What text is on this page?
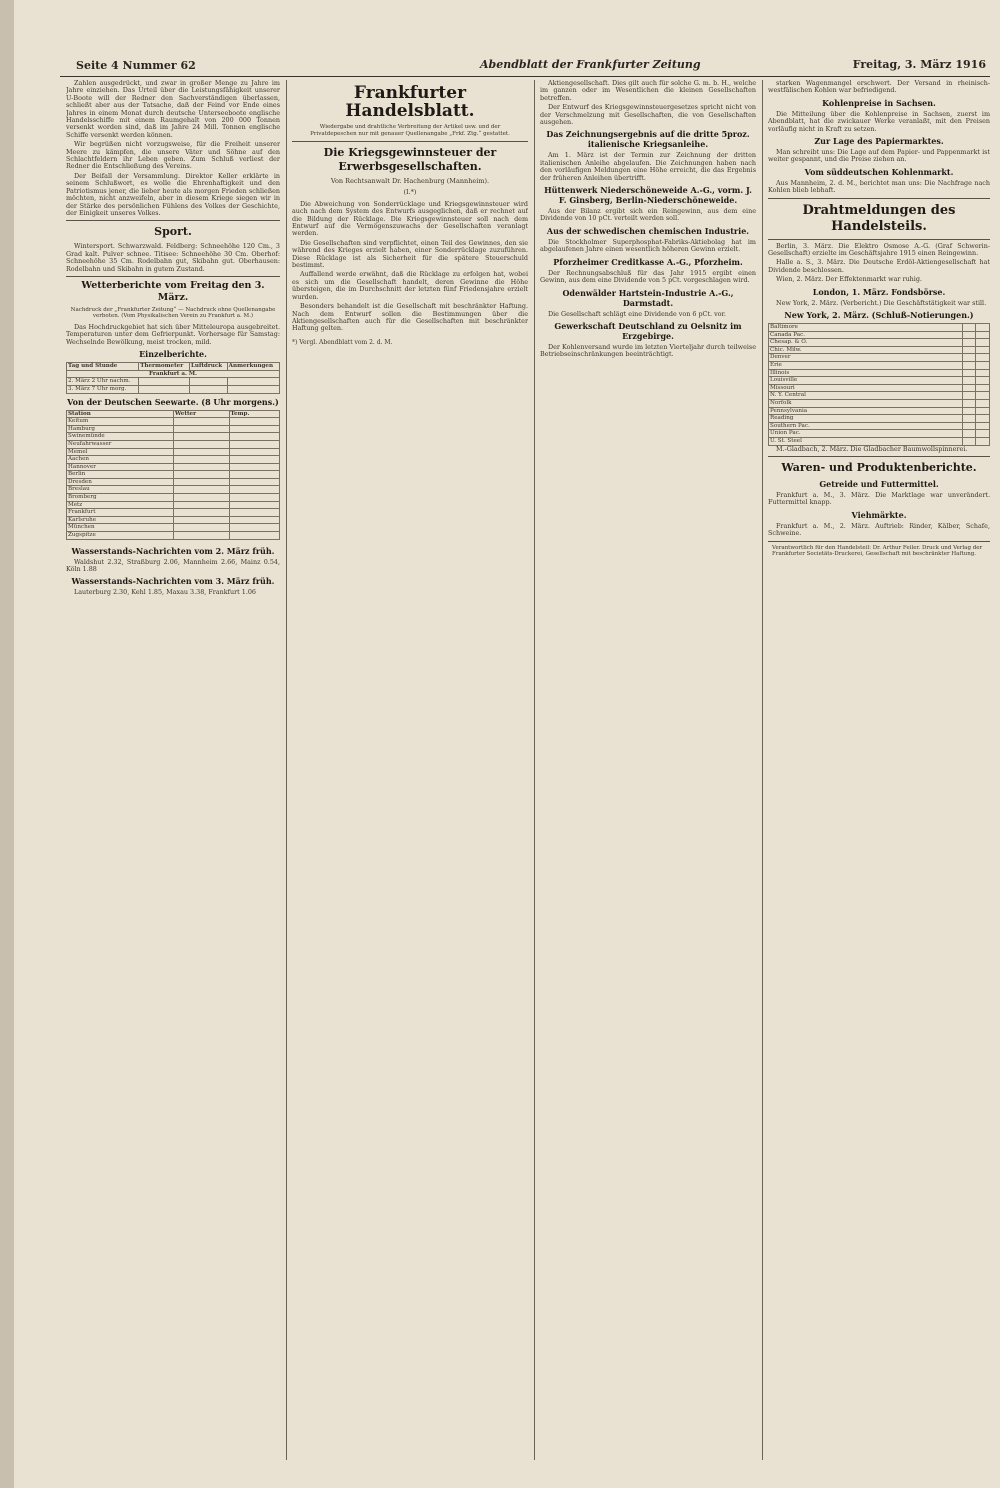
Seite 4 Nummer 62	Abendblatt der Frankfurter Zeitung	Freitag, 3. März 1916

Zahlen ausgedrückt, und zwar in großer Menge zu Jahre im Jahre einziehen. Das Urteil über die Leistungsfähigkeit unserer U-Boote will der Redner den Sachverständigen überlassen, schließt aber aus der Tatsache, daß der Feind vor Ende eines Jahres in einem Monat durch deutsche Unterseeboote englische Handelsschiffe mit einem Raumgehalt von 200 000 Tonnen versenkt worden sind, daß im Jahre 24 Mill. Tonnen englische Schiffe versenkt werden können.

Wir begrüßen nicht vorzugsweise, für die Freiheit unserer Meere zu kämpfen, die unsere Väter und Söhne auf den Schlachtfeldern ihr Leben geben. Zum Schluß verliest der Redner die Entschließung des Vereins.

Der Beifall der Versammlung. Direktor Keller erklärte in seinem Schlußwort, es wolle die Ehrenhaftigkeit und den Patriotismus jener, die lieber heute als morgen Frieden schließen möchten, nicht anzweifeln, aber in diesem Kriege siegen wir in der Stärke des persönlichen Fühlens des Volkes der Geschichte, der Einigkeit unseres Volkes.

Sport.

Wintersport. Schwarzwald. Feldberg: Schneehöhe 120 Cm., 3 Grad kalt. Pulver schnee. Titisee: Schneehöhe 30 Cm. Oberhof: Schneehöhe 35 Cm. Rodelbahn gut, Skibahn gut. Oberhausen: Rodelbahn und Skibahn in gutem Zustand.

Wetterberichte vom Freitag den 3. März.
Nachdruck der „Frankfurter Zeitung“ — Nachdruck ohne Quellenangabe verboten. (Vom Physikalischen Verein zu Frankfurt a. M.)

Das Hochdruckgebiet hat sich über Mitteleuropa ausgebreitet. Temperaturen unter dem Gefrierpunkt. Vorhersage für Samstag: Wechselnde Bewölkung, meist trocken, mild.

Einzelberichte.
Tag und Stunde	Thermometer	Luftdruck	Anmerkungen
Frankfurt a. M.			
2. März 2 Uhr nachm.			
3. März 7 Uhr morg.			
Von der Deutschen Seewarte. (8 Uhr morgens.)
Station	Wetter	Temp.
Keitum		
Hamburg		
Swinemünde		
Neufahrwasser		
Memel		
Aachen		
Hannover		
Berlin		
Dresden		
Breslau		
Bromberg		
Metz		
Frankfurt		
Karlsruhe		
München		
Zugspitze		
Wasserstands-Nachrichten vom 2. März früh.

Waldshut 2.32, Straßburg 2.06, Mannheim 2.66, Mainz 0.54, Köln 1.88

Wasserstands-Nachrichten vom 3. März früh.

Lauterburg 2.30, Kehl 1.85, Maxau 3.38, Frankfurt 1.06

Frankfurter Handelsblatt.
Wiedergabe und drahtliche Verbreitung der Artikel usw. und der Privatdepeschen nur mit genauer Quellenangabe „Frkf. Ztg.“ gestattet.
Die Kriegsgewinnsteuer der Erwerbsgesellschaften.
Von Rechtsanwalt Dr. Hachenburg (Mannheim).
(I.*)

Die Abweichung von Sonderrücklage und Kriegsgewinnsteuer wird auch nach dem System des Entwurfs ausgeglichen, daß er rechnet auf die Bildung der Rücklage. Die Kriegsgewinnsteuer soll nach dem Entwurf auf die Vermögenszuwachs der Gesellschaften veranlagt werden.

Die Gesellschaften sind verpflichtet, einen Teil des Gewinnes, den sie während des Krieges erzielt haben, einer Sonderrücklage zuzuführen. Diese Rücklage ist als Sicherheit für die spätere Steuerschuld bestimmt.

Auffallend werde erwähnt, daß die Rücklage zu erfolgen hat, wobei es sich um die Gesellschaft handelt, deren Gewinne die Höhe übersteigen, die im Durchschnitt der letzten fünf Friedensjahre erzielt wurden.

Besonders behandelt ist die Gesellschaft mit beschränkter Haftung. Nach dem Entwurf sollen die Bestimmungen über die Aktiengesellschaften auch für die Gesellschaften mit beschränkter Haftung gelten.

*) Vergl. Abendblatt vom 2. d. M.

Aktiengesellschaft. Dies gilt auch für solche G. m. b. H., welche im ganzen oder im Wesentlichen die kleinen Gesellschaften betreffen.

Der Entwurf des Kriegsgewinnsteuergesetzes spricht nicht von der Verschmelzung mit Gesellschaften, die von Gesellschaften ausgehen.

Das Zeichnungsergebnis auf die dritte 5proz. italienische Kriegsanleihe.

Am 1. März ist der Termin zur Zeichnung der dritten italienischen Anleihe abgelaufen. Die Zeichnungen haben nach den vorläufigen Meldungen eine Höhe erreicht, die das Ergebnis der früheren Anleihen übertrifft.

Hüttenwerk Niederschöneweide A.-G., vorm. J. F. Ginsberg, Berlin-Niederschöneweide.

Aus der Bilanz ergibt sich ein Reingewinn, aus dem eine Dividende von 10 pCt. verteilt werden soll.

Aus der schwedischen chemischen Industrie.

Die Stockholmer Superphosphat-Fabriks-Aktiebolag hat im abgelaufenen Jahre einen wesentlich höheren Gewinn erzielt.

Pforzheimer Creditkasse A.-G., Pforzheim.

Der Rechnungsabschluß für das Jahr 1915 ergibt einen Gewinn, aus dem eine Dividende von 5 pCt. vorgeschlagen wird.

Odenwälder Hartstein-Industrie A.-G., Darmstadt.

Die Gesellschaft schlägt eine Dividende von 6 pCt. vor.

Gewerkschaft Deutschland zu Oelsnitz im Erzgebirge.

Der Kohlenversand wurde im letzten Vierteljahr durch teilweise Betriebseinschränkungen beeinträchtigt.

starken Wagenmangel erschwert. Der Versand in rheinisch-westfälischen Kohlen war befriedigend.

Kohlenpreise in Sachsen.

Die Mitteilung über die Kohlenpreise in Sachsen, zuerst im Abendblatt, hat die zwickauer Werke veranlaßt, mit den Preisen vorläufig nicht in Kraft zu setzen.

Zur Lage des Papiermarktes.

Man schreibt uns: Die Lage auf dem Papier- und Pappenmarkt ist weiter gespannt, und die Preise ziehen an.

Vom süddeutschen Kohlenmarkt.

Aus Mannheim, 2. d. M., berichtet man uns: Die Nachfrage nach Kohlen blieb lebhaft.

Drahtmeldungen des Handelsteils.

Berlin, 3. März. Die Elektro Osmose A.-G. (Graf Schwerin-Gesellschaft) erzielte im Geschäftsjahre 1915 einen Reingewinn.

Halle a. S., 3. März. Die Deutsche Erdöl-Aktiengesellschaft hat Dividende beschlossen.

Wien, 2. März. Der Effektenmarkt war ruhig.

London, 1. März. Fondsbörse.

New York, 2. März. (Verbericht.) Die Geschäftstätigkeit war still.

New York, 2. März. (Schluß-Notierungen.)
Baltimore		
Canada Pac.		
Chesap. & O.		
Chic. Milw.		
Denver		
Erie		
Illinois		
Louisville		
Missouri		
N. Y. Central		
Norfolk		
Pennsylvania		
Reading		
Southern Pac.		
Union Pac.		
U. St. Steel		

M.-Gladbach, 2. März. Die Gladbacher Baumwollspinnerei.

Waren- und Produktenberichte.
Getreide und Futtermittel.

Frankfurt a. M., 3. März. Die Marktlage war unverändert. Futtermittel knapp.

Viehmärkte.

Frankfurt a. M., 2. März. Auftrieb: Rinder, Kälber, Schafe, Schweine.

Verantwortlich für den Handelsteil: Dr. Arthur Feiler. Druck und Verlag der Frankfurter Societäts-Druckerei, Gesellschaft mit beschränkter Haftung.
